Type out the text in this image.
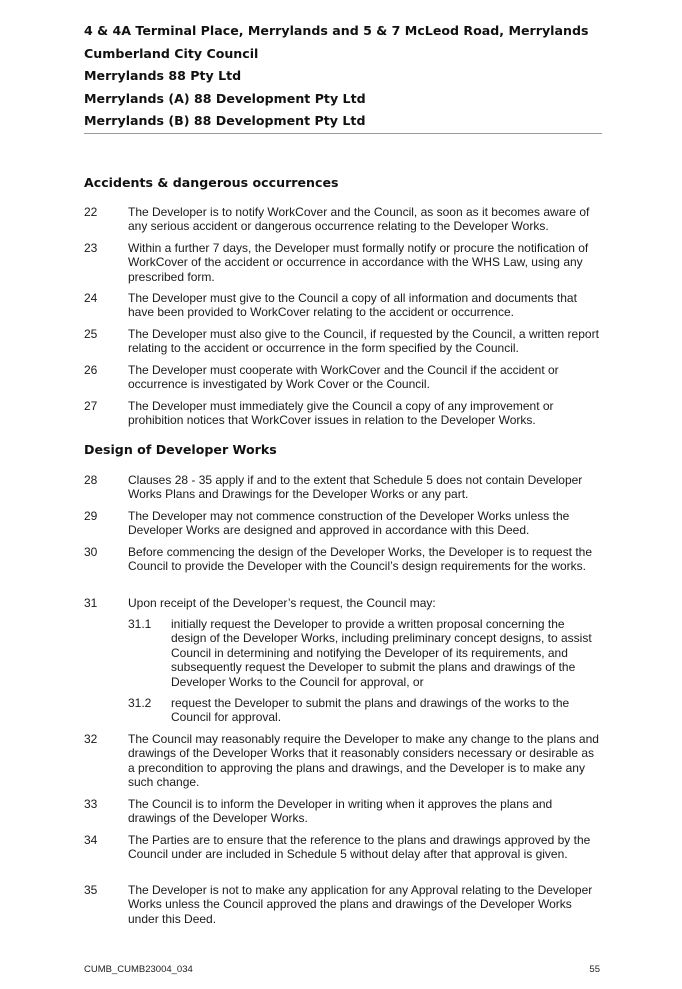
4 & 4A Terminal Place, Merrylands and 5 & 7 McLeod Road, Merrylands
Cumberland City Council
Merrylands 88 Pty Ltd
Merrylands (A) 88 Development Pty Ltd
Merrylands (B) 88 Development Pty Ltd
Accidents & dangerous occurrences
22	The Developer is to notify WorkCover and the Council, as soon as it becomes aware of any serious accident or dangerous occurrence relating to the Developer Works.
23	Within a further 7 days, the Developer must formally notify or procure the notification of WorkCover of the accident or occurrence in accordance with the WHS Law, using any prescribed form.
24	The Developer must give to the Council a copy of all information and documents that have been provided to WorkCover relating to the accident or occurrence.
25	The Developer must also give to the Council, if requested by the Council, a written report relating to the accident or occurrence in the form specified by the Council.
26	The Developer must cooperate with WorkCover and the Council if the accident or occurrence is investigated by Work Cover or the Council.
27	The Developer must immediately give the Council a copy of any improvement or prohibition notices that WorkCover issues in relation to the Developer Works.
Design of Developer Works
28	Clauses 28 - 35 apply if and to the extent that Schedule 5 does not contain Developer Works Plans and Drawings for the Developer Works or any part.
29	The Developer may not commence construction of the Developer Works unless the Developer Works are designed and approved in accordance with this Deed.
30	Before commencing the design of the Developer Works, the Developer is to request the Council to provide the Developer with the Council’s design requirements for the works.
31	Upon receipt of the Developer’s request, the Council may:
31.1	initially request the Developer to provide a written proposal concerning the design of the Developer Works, including preliminary concept designs, to assist Council in determining and notifying the Developer of its requirements, and subsequently request the Developer to submit the plans and drawings of the Developer Works to the Council for approval, or
31.2	request the Developer to submit the plans and drawings of the works to the Council for approval.
32	The Council may reasonably require the Developer to make any change to the plans and drawings of the Developer Works that it reasonably considers necessary or desirable as a precondition to approving the plans and drawings, and the Developer is to make any such change.
33	The Council is to inform the Developer in writing when it approves the plans and drawings of the Developer Works.
34	The Parties are to ensure that the reference to the plans and drawings approved by the Council under are included in Schedule 5 without delay after that approval is given.
35	The Developer is not to make any application for any Approval relating to the Developer Works unless the Council approved the plans and drawings of the Developer Works under this Deed.
CUMB_CUMB23004_034	55
